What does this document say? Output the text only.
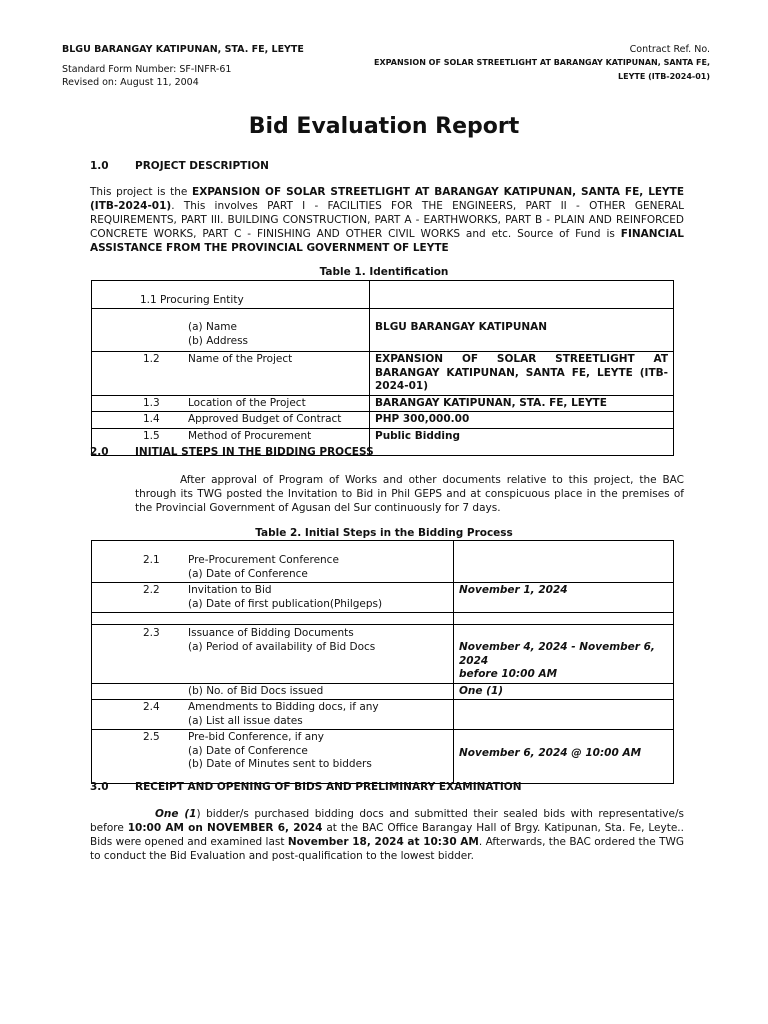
BLGU BARANGAY KATIPUNAN, STA. FE, LEYTE
Standard Form Number: SF-INFR-61
Revised on: August 11, 2004
Contract Ref. No.
EXPANSION OF SOLAR STREETLIGHT AT BARANGAY KATIPUNAN, SANTA FE,
LEYTE (ITB-2024-01)
Bid Evaluation Report
1.0	PROJECT DESCRIPTION
This project is the EXPANSION OF SOLAR STREETLIGHT AT BARANGAY KATIPUNAN, SANTA FE, LEYTE (ITB-2024-01). This involves PART I - FACILITIES FOR THE ENGINEERS, PART II - OTHER GENERAL REQUIREMENTS, PART III. BUILDING CONSTRUCTION, PART A - EARTHWORKS, PART B - PLAIN AND REINFORCED CONCRETE WORKS, PART C - FINISHING AND OTHER CIVIL WORKS and etc. Source of Fund is FINANCIAL ASSISTANCE FROM THE PROVINCIAL GOVERNMENT OF LEYTE
Table 1. Identification
1.1 Procuring Entity	

(a) Name
(b) Address	BLGU BARANGAY KATIPUNAN
1.2 Name of the Project	EXPANSION OF SOLAR STREETLIGHT AT BARANGAY KATIPUNAN, SANTA FE, LEYTE (ITB-2024-01)
1.3 Location of the Project	BARANGAY KATIPUNAN, STA. FE, LEYTE
1.4 Approved Budget of Contract	PHP 300,000.00
1.5 Method of Procurement	Public Bidding
2.0	INITIAL STEPS IN THE BIDDING PROCESS
After approval of Program of Works and other documents relative to this project, the BAC through its TWG posted the Invitation to Bid in Phil GEPS and at conspicuous place in the premises of the Provincial Government of Agusan del Sur continuously for 7 days.
Table 2. Initial Steps in the Bidding Process
2.1 Pre-Procurement Conference
(a) Date of Conference	

2.2 Invitation to Bid
(a) Date of first publication(Philgeps)	November 1, 2024

2.3 Issuance of Bidding Documents
(a) Period of availability of Bid Docs	November 4, 2024 - November 6, 2024
before 10:00 AM

(b) No. of Bid Docs issued	One (1)

2.4 Amendments to Bidding docs, if any
(a) List all issue dates	

2.5 Pre-bid Conference, if any
(a) Date of Conference
(b) Date of Minutes sent to bidders	November 6, 2024 @ 10:00 AM
3.0	RECEIPT AND OPENING OF BIDS AND PRELIMINARY EXAMINATION
One (1) bidder/s purchased bidding docs and submitted their sealed bids with representative/s before 10:00 AM on NOVEMBER 6, 2024 at the BAC Office Barangay Hall of Brgy. Katipunan, Sta. Fe, Leyte.. Bids were opened and examined last November 18, 2024 at 10:30 AM. Afterwards, the BAC ordered the TWG to conduct the Bid Evaluation and post-qualification to the lowest bidder.
